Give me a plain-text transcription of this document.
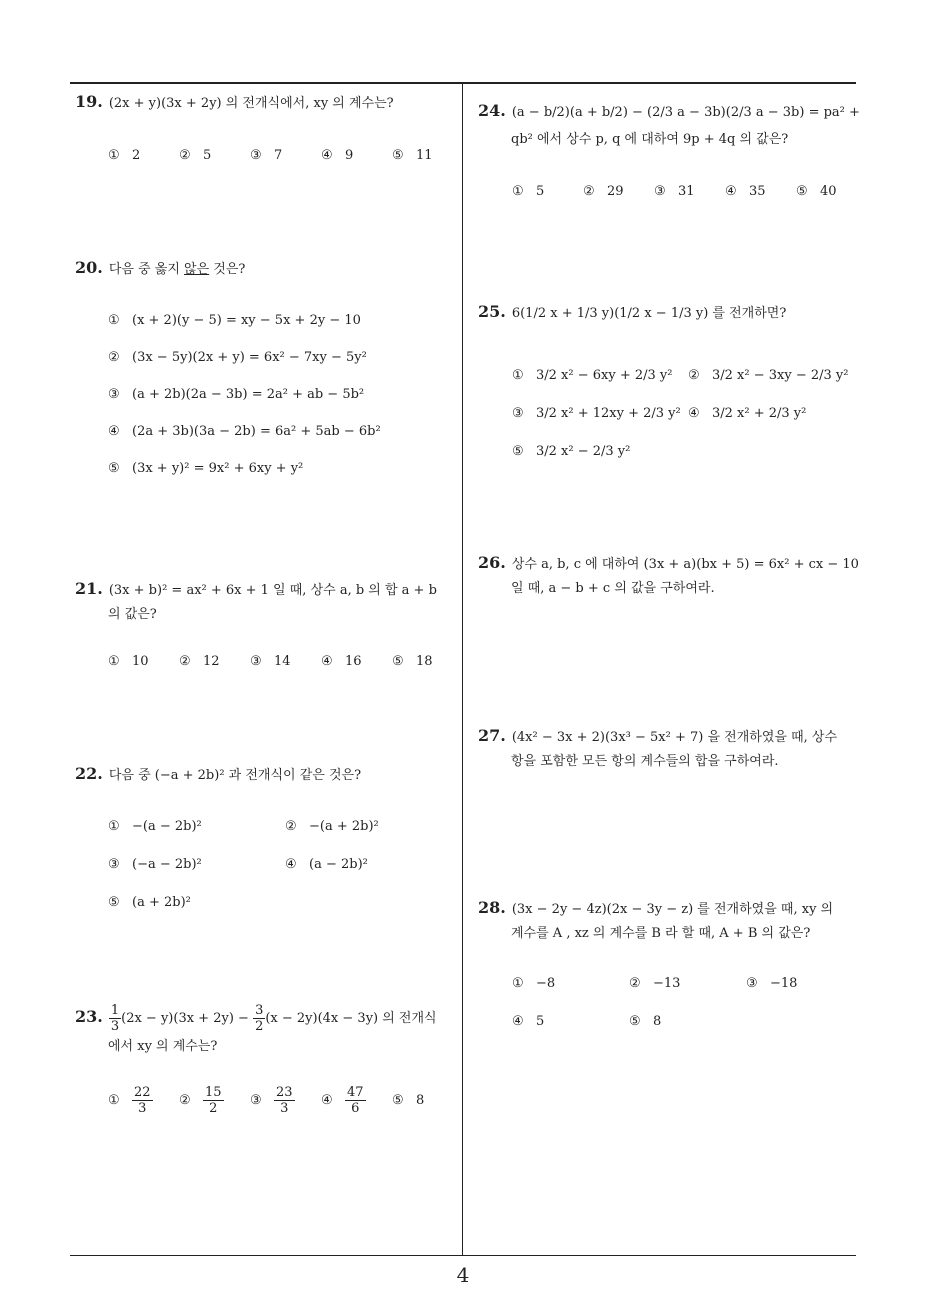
4
19. (2x + y)(3x + 2y) 의 전개식에서, xy 의 계수는?
① 2	② 5	③ 7	④ 9	⑤ 11
20. 다음 중 옳지 않은 것은?
① (x + 2)(y − 5) = xy − 5x + 2y − 10
② (3x − 5y)(2x + y) = 6x² − 7xy − 5y²
③ (a + 2b)(2a − 3b) = 2a² + ab − 5b²
④ (2a + 3b)(3a − 2b) = 6a² + 5ab − 6b²
⑤ (3x + y)² = 9x² + 6xy + y²
21. (3x + b)² = ax² + 6x + 1 일 때, 상수 a, b 의 합 a + b
의 값은?
① 10 ② 12 ③ 14 ④ 16 ⑤ 18
22. 다음 중 (−a + 2b)² 과 전개식이 같은 것은?
① −(a − 2b)²	② −(a + 2b)²
③ (−a − 2b)²	④ (a − 2b)²
⑤ (a + 2b)²
23. $\frac{1}{3} (2x - y)(3x + 2y) - \frac{3}{2} (x - 2y)(4x - 3y)$ 의 전개식
에서 xy 의 계수는?
① $\frac{22}{3}$ ② $\frac{15}{2}$ ③ $\frac{23}{3}$ ④ $\frac{47}{6}$ ⑤ 8
24. (a − b/2)(a + b/2) − (2/3 a − 3b)(2/3 a − 3b) = pa² +
qb² 에서 상수 p, q 에 대하여 9p + 4q 의 값은?
① 5	② 29 ③ 31 ④ 35 ⑤ 40
25. 6(1/2 x + 1/3 y)(1/2 x − 1/3 y) 를 전개하면?
① 3/2 x² − 6xy + 2/3 y² ② 3/2 x² − 3xy − 2/3 y²
③ 3/2 x² + 12xy + 2/3 y² ④ 3/2 x² + 2/3 y²
⑤ 3/2 x² − 2/3 y²
26. 상수 a, b, c 에 대하여 (3x + a)(bx + 5) = 6x² + cx − 10
일 때, a − b + c 의 값을 구하여라.
27. (4x² − 3x + 2)(3x³ − 5x² + 7) 을 전개하였을 때, 상수
항을 포함한 모든 항의 계수들의 합을 구하여라.
28. (3x − 2y − 4z)(2x − 3y − z) 를 전개하였을 때, xy 의
계수를 A , xz 의 계수를 B 라 할 때, A + B 의 값은?
① −8	② −13	③ −18
④ 5	⑤ 8
